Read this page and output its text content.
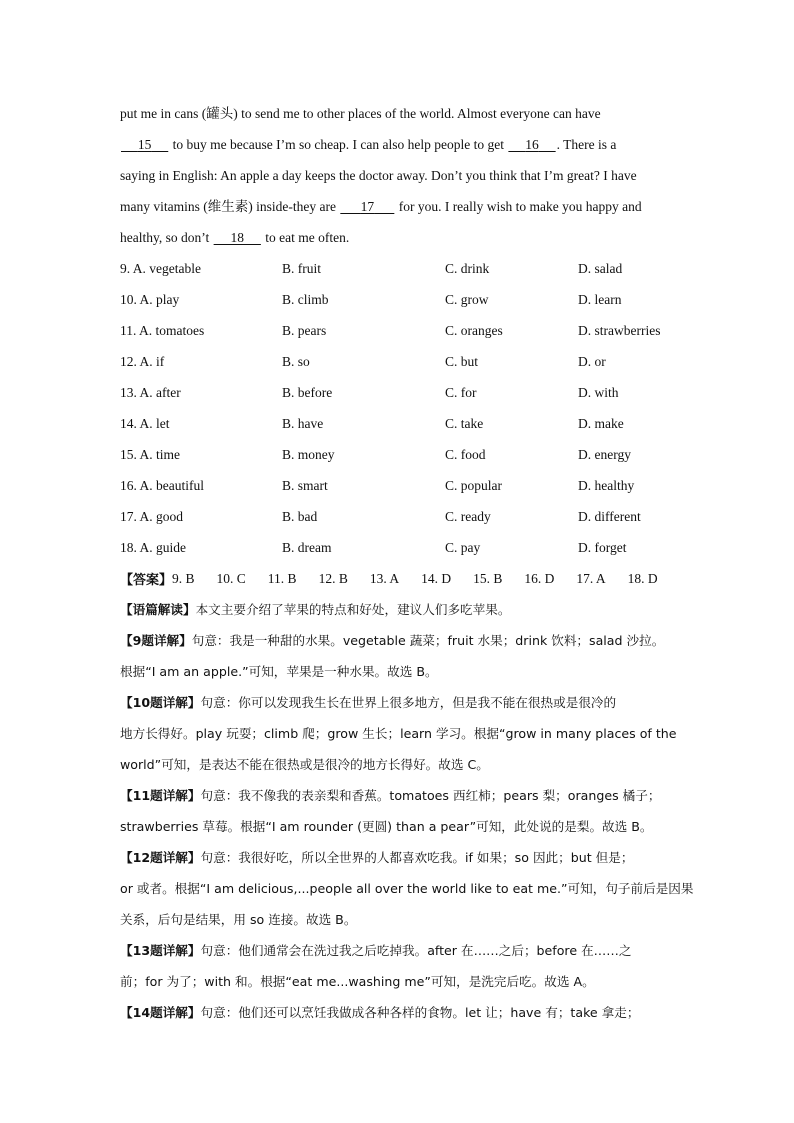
put me in cans (罐头) to send me to other places of the world. Almost everyone can have

15      to buy me because I’m so cheap. I can also help people to get      16 . There is a

saying in English: An apple a day keeps the doctor away. Don’t you think that I’m great? I have

many vitamins (维生素) inside-they are       17       for you. I really wish to make you happy and

healthy, so don’t      18      to eat me often.

9. A. vegetable	B. fruit	C. drink	D. salad
10. A. play	B. climb	C. grow	D. learn
11. A. tomatoes	B. pears	C. oranges	D. strawberries
12. A. if	B. so	C. but	D. or
13. A. after	B. before	C. for	D. with
14. A. let	B. have	C. take	D. make
15. A. time	B. money	C. food	D. energy
16. A. beautiful	B. smart	C. popular	D. healthy
17. A. good	B. bad	C. ready	D. different
18. A. guide	B. dream	C. pay	D. forget
【答案】 9. B 10. C 11. B 12. B 13. A 14. D 15. B 16. D 17. A 18. D

【语篇解读】本文主要介绍了苹果的特点和好处，建议人们多吃苹果。

【9题详解】句意：我是一种甜的水果。vegetable 蔬菜；fruit 水果；drink 饮料；salad 沙拉。

根据“I am an apple.”可知，苹果是一种水果。故选 B。

【10题详解】句意：你可以发现我生长在世界上很多地方，但是我不能在很热或是很冷的

地方长得好。play 玩耍；climb 爬；grow 生长；learn 学习。根据“grow in many places of the

world”可知，是表达不能在很热或是很冷的地方长得好。故选 C。

【11题详解】句意：我不像我的表亲梨和香蕉。tomatoes 西红柿；pears 梨；oranges 橘子；

strawberries 草莓。根据“I am rounder (更圆) than a pear”可知，此处说的是梨。故选 B。

【12题详解】句意：我很好吃，所以全世界的人都喜欢吃我。if 如果；so 因此；but 但是；

or 或者。根据“I am delicious,...people all over the world like to eat me.”可知，句子前后是因果

关系，后句是结果，用 so 连接。故选 B。

【13题详解】句意：他们通常会在洗过我之后吃掉我。after 在……之后；before 在……之

前；for 为了；with 和。根据“eat me...washing me”可知，是洗完后吃。故选 A。

【14题详解】句意：他们还可以烹饪我做成各种各样的食物。let 让；have 有；take 拿走；
